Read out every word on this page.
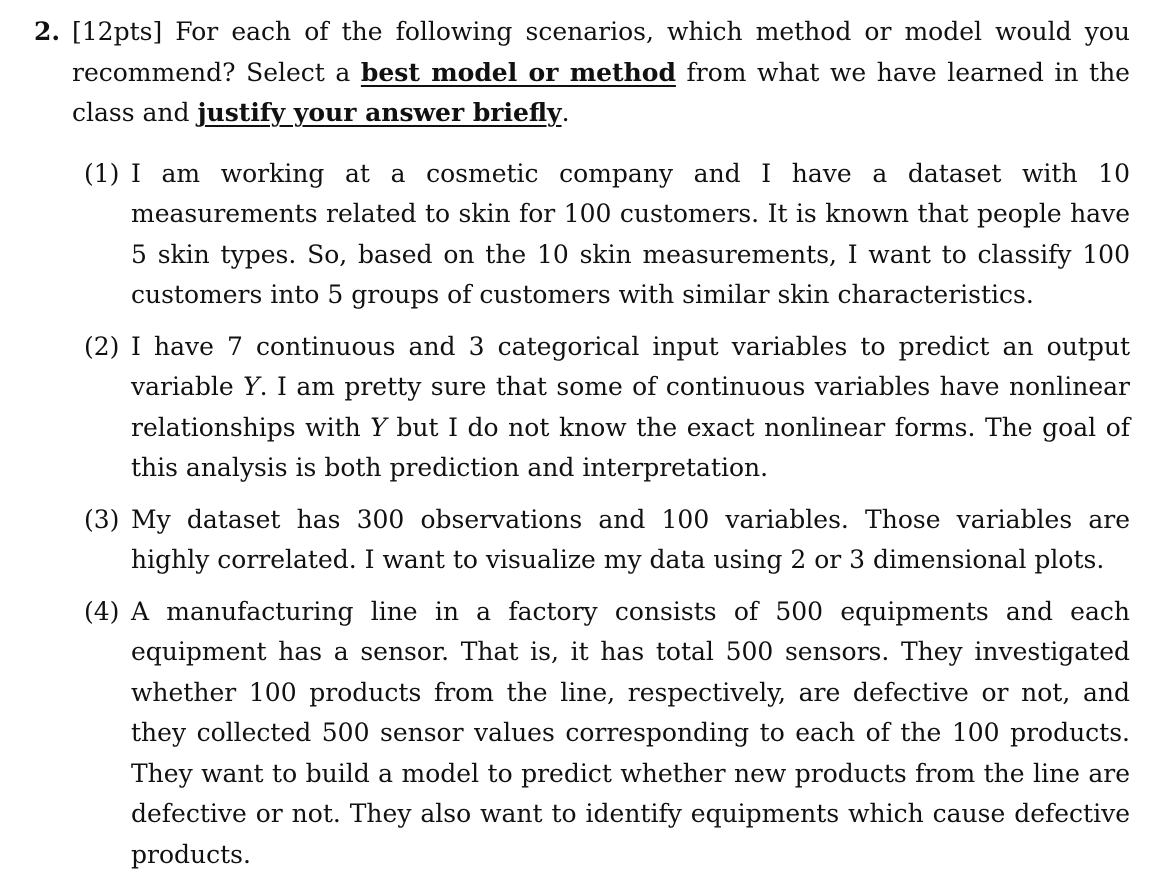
2. [12pts] For each of the following scenarios, which method or model would you recommend? Select a best model or method from what we have learned in the class and justify your answer briefly.
(1) I am working at a cosmetic company and I have a dataset with 10 measurements related to skin for 100 customers. It is known that people have 5 skin types. So, based on the 10 skin measurements, I want to classify 100 customers into 5 groups of customers with similar skin characteristics.
(2) I have 7 continuous and 3 categorical input variables to predict an output variable Y. I am pretty sure that some of continuous variables have nonlinear relationships with Y but I do not know the exact nonlinear forms. The goal of this analysis is both prediction and interpretation.
(3) My dataset has 300 observations and 100 variables. Those variables are highly correlated. I want to visualize my data using 2 or 3 dimensional plots.
(4) A manufacturing line in a factory consists of 500 equipments and each equipment has a sensor. That is, it has total 500 sensors. They investigated whether 100 products from the line, respectively, are defective or not, and they collected 500 sensor values corresponding to each of the 100 products. They want to build a model to predict whether new products from the line are defective or not. They also want to identify equipments which cause defective products.
